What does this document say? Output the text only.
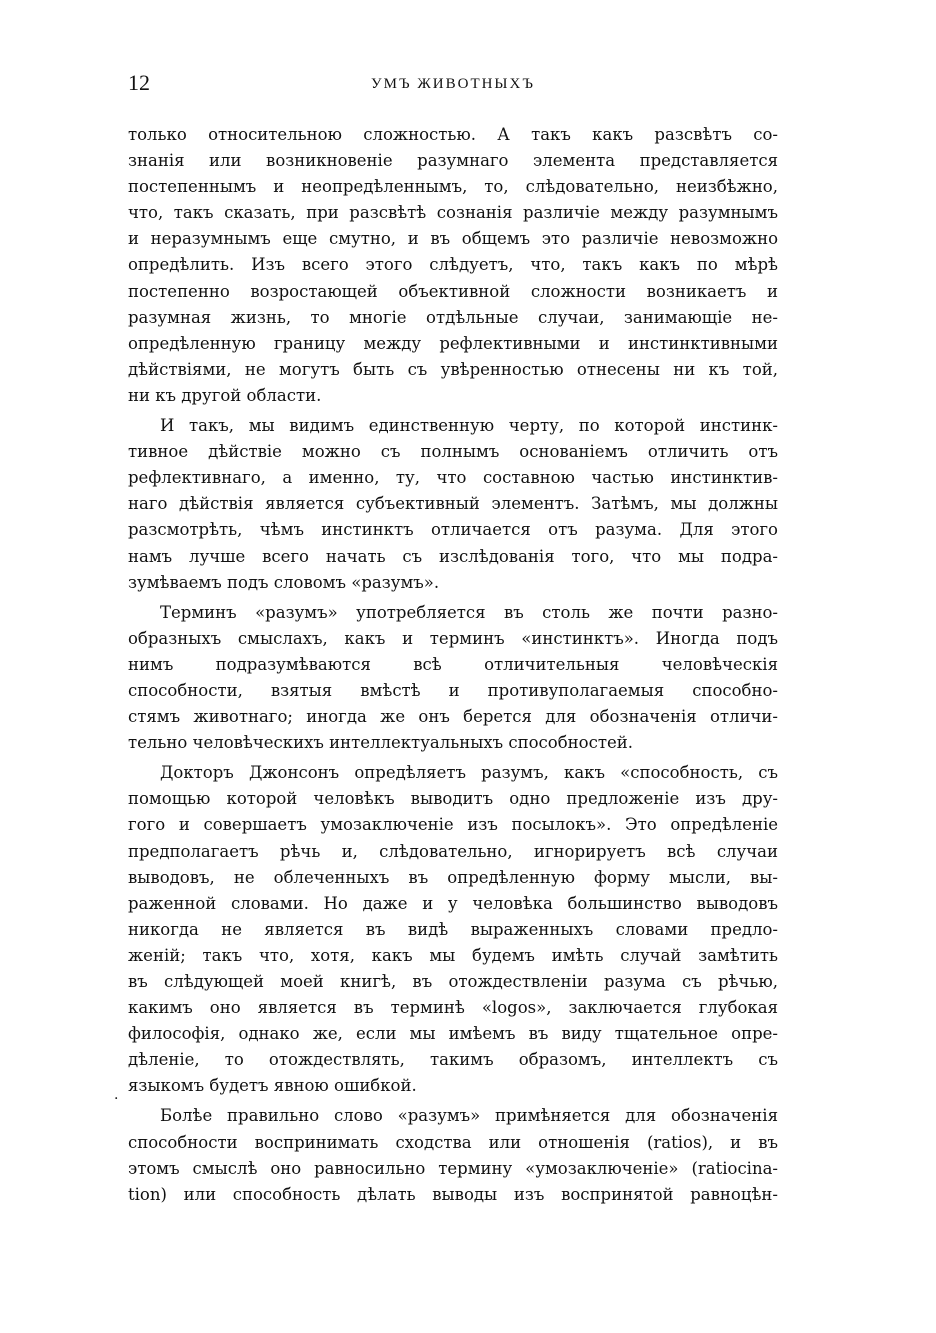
12	УМЪ ЖИВОТНЫХЪ
·
только относительною сложностью. А такъ какъ разсвѣтъ со-
знанія или возникновеніе разумнаго элемента представляется
постепеннымъ и неопредѣленнымъ, то, слѣдовательно, неизбѣжно,
что, такъ сказать, при разсвѣтѣ сознанія различіе между разумнымъ
и неразумнымъ еще смутно, и въ общемъ это различіе невозможно
опредѣлить. Изъ всего этого слѣдуетъ, что, такъ какъ по мѣрѣ
постепенно возростающей объективной сложности возникаетъ и
разумная жизнь, то многіе отдѣльные случаи, занимающіе не-
опредѣленную границу между рефлективными и инстинктивными
дѣйствіями, не могутъ быть съ увѣренностью отнесены ни къ той,
ни къ другой области.
И такъ, мы видимъ единственную черту, по которой инстинк-
тивное дѣйствіе можно съ полнымъ основаніемъ отличить отъ
рефлективнаго, а именно, ту, что составною частью инстинктив-
наго дѣйствія является субъективный элементъ. Затѣмъ, мы должны
разсмотрѣть, чѣмъ инстинктъ отличается отъ разума. Для этого
намъ лучше всего начать съ изслѣдованія того, что мы подра-
зумѣваемъ подъ словомъ «разумъ».
Терминъ «разумъ» употребляется въ столь же почти разно-
образныхъ смыслахъ, какъ и терминъ «инстинктъ». Иногда подъ
нимъ подразумѣваются всѣ отличительныя человѣческія
способности, взятыя вмѣстѣ и противуполагаемыя способно-
стямъ животнаго; иногда же онъ берется для обозначенія отличи-
тельно человѣческихъ интеллектуальныхъ способностей.
Докторъ Джонсонъ опредѣляетъ разумъ, какъ «способность, съ
помощью которой человѣкъ выводитъ одно предложеніе изъ дру-
гого и совершаетъ умозаключеніе изъ посылокъ». Это опредѣленіе
предполагаетъ рѣчь и, слѣдовательно, игнорируетъ всѣ случаи
выводовъ, не облеченныхъ въ опредѣленную форму мысли, вы-
раженной словами. Но даже и у человѣка большинство выводовъ
никогда не является въ видѣ выраженныхъ словами предло-
женій; такъ что, хотя, какъ мы будемъ имѣть случай замѣтить
въ слѣдующей моей книгѣ, въ отождествленіи разума съ рѣчью,
какимъ оно является въ терминѣ «logos», заключается глубокая
философія, однако же, если мы имѣемъ въ виду тщательное опре-
дѣленіе, то отождествлять, такимъ образомъ, интеллектъ съ
языкомъ будетъ явною ошибкой.
Болѣе правильно слово «разумъ» примѣняется для обозначенія
способности воспринимать сходства или отношенія (ratios), и въ
этомъ смыслѣ оно равносильно термину «умозаключеніе» (ratiocina-
tion) или способность дѣлать выводы изъ воспринятой равноцѣн-
